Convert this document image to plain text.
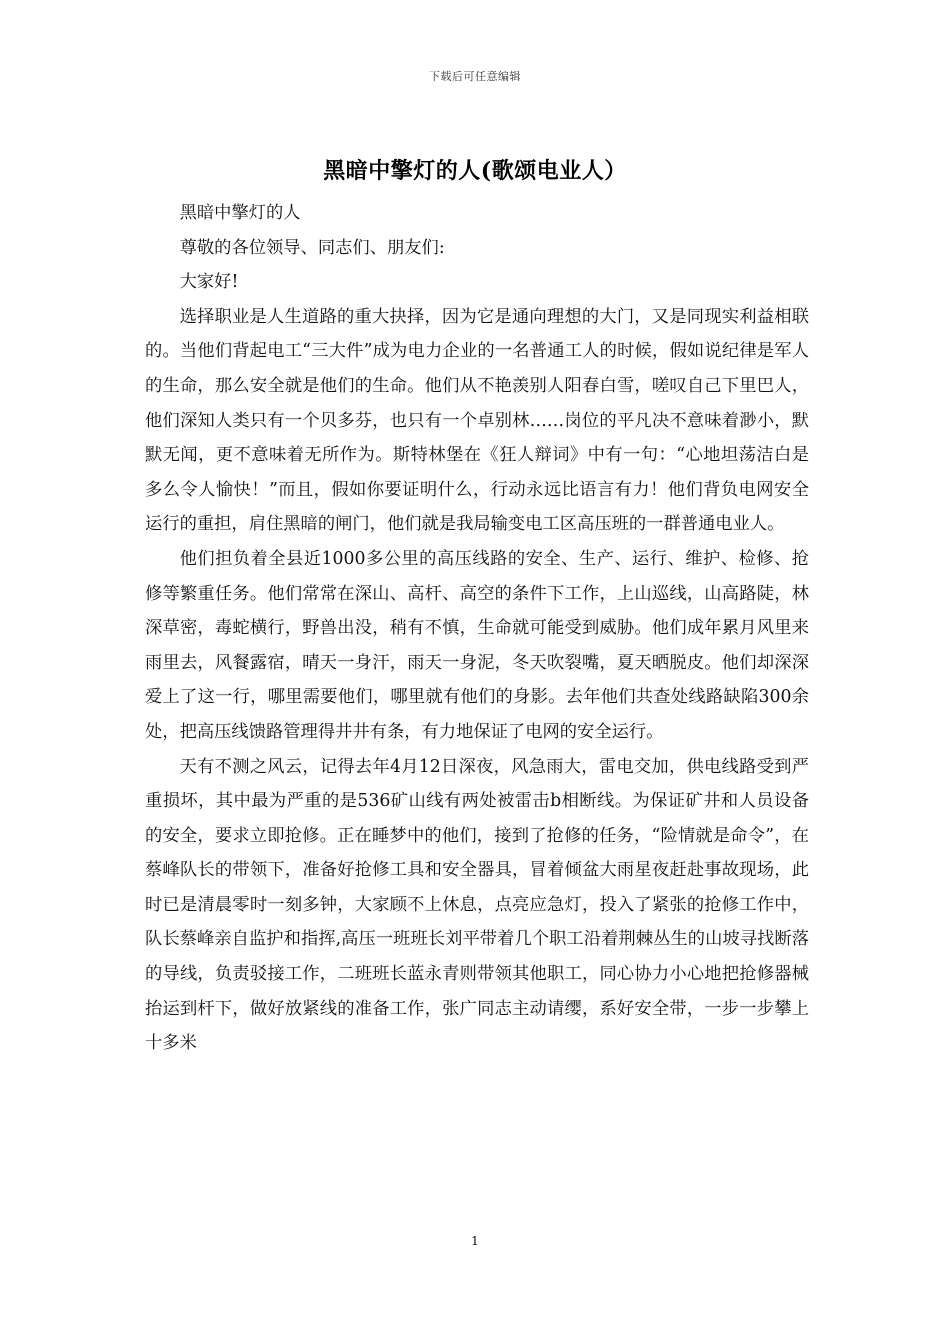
下载后可任意编辑
黑暗中擎灯的人(歌颂电业人）

黑暗中擎灯的人

尊敬的各位领导、同志们、朋友们:

大家好!

选择职业是人生道路的重大抉择，因为它是通向理想的大门，又是同现实利益相联的。当他们背起电工“三大件”成为电力企业的一名普通工人的时候，假如说纪律是军人的生命，那么安全就是他们的生命。他们从不艳羡别人阳春白雪，嗟叹自己下里巴人，他们深知人类只有一个贝多芬，也只有一个卓别林……岗位的平凡决不意味着渺小，默默无闻，更不意味着无所作为。斯特林堡在《狂人辩词》中有一句：“心地坦荡洁白是多么令人愉快！”而且，假如你要证明什么，行动永远比语言有力！他们背负电网安全运行的重担，肩住黑暗的闸门，他们就是我局输变电工区高压班的一群普通电业人。

他们担负着全县近1000多公里的高压线路的安全、生产、运行、维护、检修、抢修等繁重任务。他们常常在深山、高杆、高空的条件下工作，上山巡线，山高路陡，林深草密，毒蛇横行，野兽出没，稍有不慎，生命就可能受到威胁。他们成年累月风里来雨里去，风餐露宿，晴天一身汗，雨天一身泥，冬天吹裂嘴，夏天晒脱皮。他们却深深爱上了这一行，哪里需要他们，哪里就有他们的身影。去年他们共查处线路缺陷300余处，把高压线馈路管理得井井有条，有力地保证了电网的安全运行。

天有不测之风云，记得去年4月12日深夜，风急雨大，雷电交加，供电线路受到严重损坏，其中最为严重的是536矿山线有两处被雷击b相断线。为保证矿井和人员设备的安全，要求立即抢修。正在睡梦中的他们，接到了抢修的任务，“险情就是命令”，在蔡峰队长的带领下，准备好抢修工具和安全器具，冒着倾盆大雨星夜赶赴事故现场，此时已是清晨零时一刻多钟，大家顾不上休息，点亮应急灯，投入了紧张的抢修工作中，队长蔡峰亲自监护和指挥,高压一班班长刘平带着几个职工沿着荆棘丛生的山坡寻找断落的导线，负责驳接工作，二班班长蓝永青则带领其他职工，同心协力小心地把抢修器械抬运到杆下，做好放紧线的准备工作，张广同志主动请缨，系好安全带，一步一步攀上十多米

1
